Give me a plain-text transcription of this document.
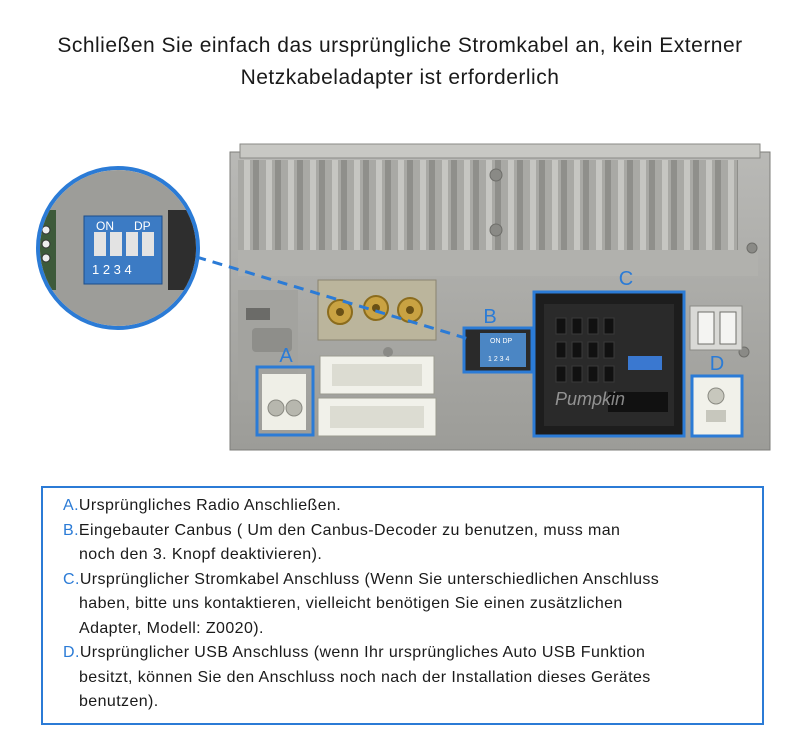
Schließen Sie einfach das ursprüngliche Stromkabel an, kein Externer
Netzkabeladapter ist erforderlich
A
ON DP
1 2 3 4
B
Pumpkin
C
D
ON DP
1 2 3 4
A.Ursprüngliches Radio Anschließen.
B.Eingebauter Canbus ( Um den Canbus-Decoder zu benutzen, muss man
noch den 3. Knopf deaktivieren).
C.Ursprünglicher Stromkabel Anschluss (Wenn Sie unterschiedlichen Anschluss
haben, bitte uns kontaktieren, vielleicht benötigen Sie einen zusätzlichen
Adapter, Modell: Z0020).
D.Ursprünglicher USB Anschluss (wenn Ihr ursprüngliches Auto USB Funktion
besitzt, können Sie den Anschluss noch nach der Installation dieses Gerätes
benutzen).
